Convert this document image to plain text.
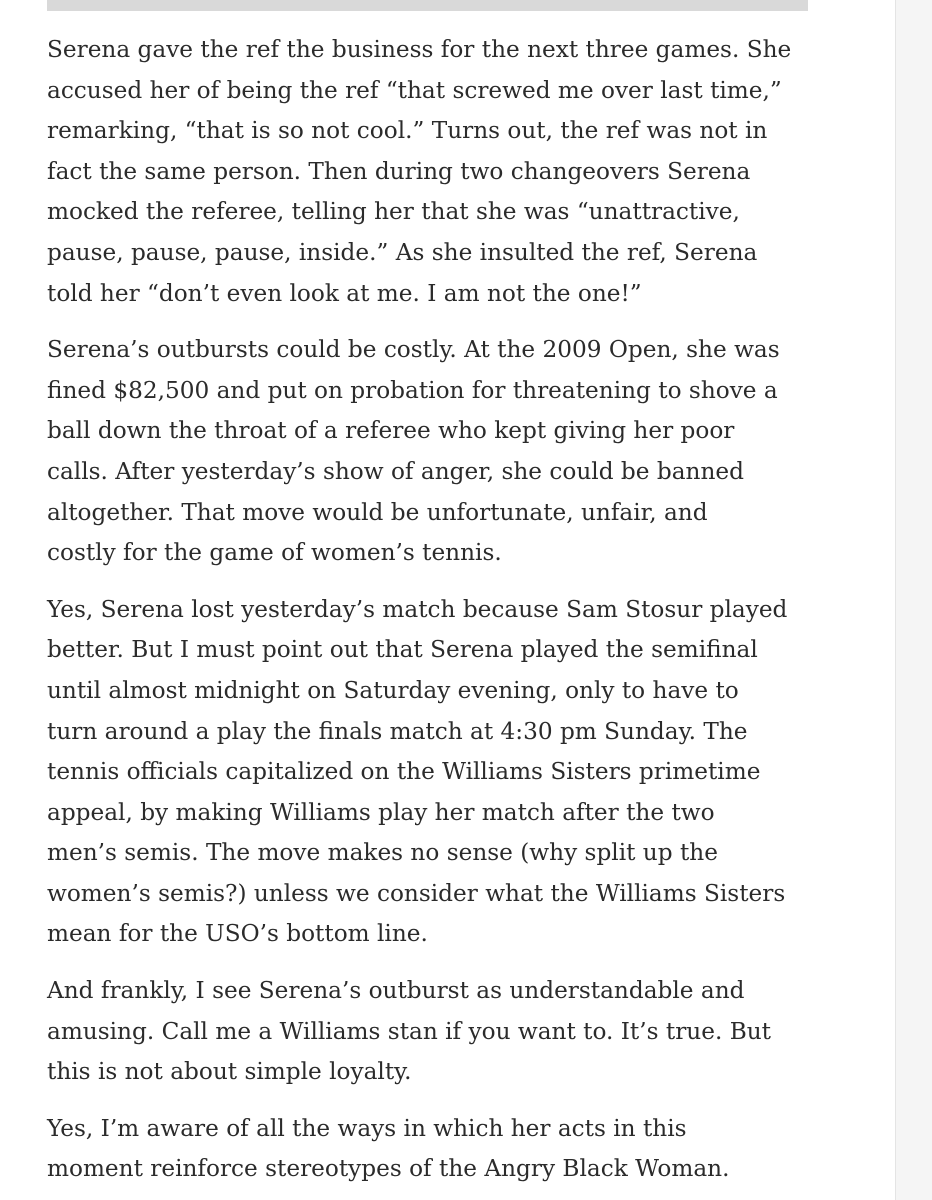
Serena gave the ref the business for the next three games. She
accused her of being the ref “that screwed me over last time,”
remarking, “that is so not cool.” Turns out, the ref was not in
fact the same person. Then during two changeovers Serena
mocked the referee, telling her that she was “unattractive,
pause, pause, pause, inside.” As she insulted the ref, Serena
told her “don’t even look at me. I am not the one!”

Serena’s outbursts could be costly. At the 2009 Open, she was
fined $82,500 and put on probation for threatening to shove a
ball down the throat of a referee who kept giving her poor
calls. After yesterday’s show of anger, she could be banned
altogether. That move would be unfortunate, unfair, and
costly for the game of women’s tennis.

Yes, Serena lost yesterday’s match because Sam Stosur played
better. But I must point out that Serena played the semifinal
until almost midnight on Saturday evening, only to have to
turn around a play the finals match at 4:30 pm Sunday. The
tennis officials capitalized on the Williams Sisters primetime
appeal, by making Williams play her match after the two
men’s semis. The move makes no sense (why split up the
women’s semis?) unless we consider what the Williams Sisters
mean for the USO’s bottom line.

And frankly, I see Serena’s outburst as understandable and
amusing. Call me a Williams stan if you want to. It’s true. But
this is not about simple loyalty.

Yes, I’m aware of all the ways in which her acts in this
moment reinforce stereotypes of the Angry Black Woman.
